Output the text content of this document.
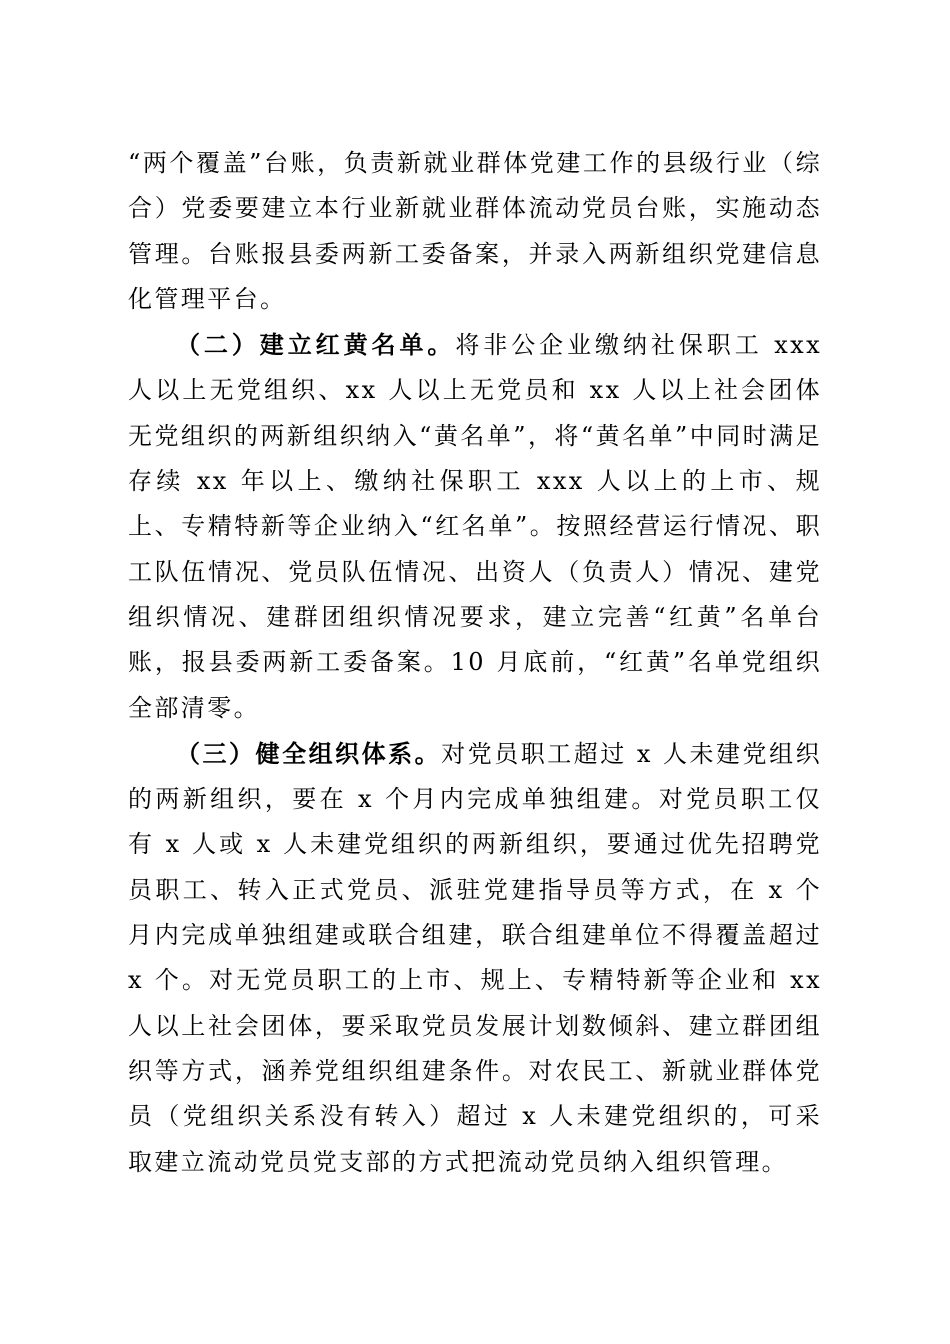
“两个覆盖”台账，负责新就业群体党建工作的县级行业（综合）党委要建立本行业新就业群体流动党员台账，实施动态管理。台账报县委两新工委备案，并录入两新组织党建信息化管理平台。

（二）建立红黄名单。将非公企业缴纳社保职工 xxx 人以上无党组织、xx 人以上无党员和 xx 人以上社会团体无党组织的两新组织纳入“黄名单”，将“黄名单”中同时满足存续 xx 年以上、缴纳社保职工 xxx 人以上的上市、规上、专精特新等企业纳入“红名单”。按照经营运行情况、职工队伍情况、党员队伍情况、出资人（负责人）情况、建党组织情况、建群团组织情况要求，建立完善“红黄”名单台账，报县委两新工委备案。10 月底前，“红黄”名单党组织全部清零。

（三）健全组织体系。对党员职工超过 x 人未建党组织的两新组织，要在 x 个月内完成单独组建。对党员职工仅有 x 人或 x 人未建党组织的两新组织，要通过优先招聘党员职工、转入正式党员、派驻党建指导员等方式，在 x 个月内完成单独组建或联合组建，联合组建单位不得覆盖超过 x 个。对无党员职工的上市、规上、专精特新等企业和 xx 人以上社会团体，要采取党员发展计划数倾斜、建立群团组织等方式，涵养党组织组建条件。对农民工、新就业群体党员（党组织关系没有转入）超过 x 人未建党组织的，可采取建立流动党员党支部的方式把流动党员纳入组织管理。
